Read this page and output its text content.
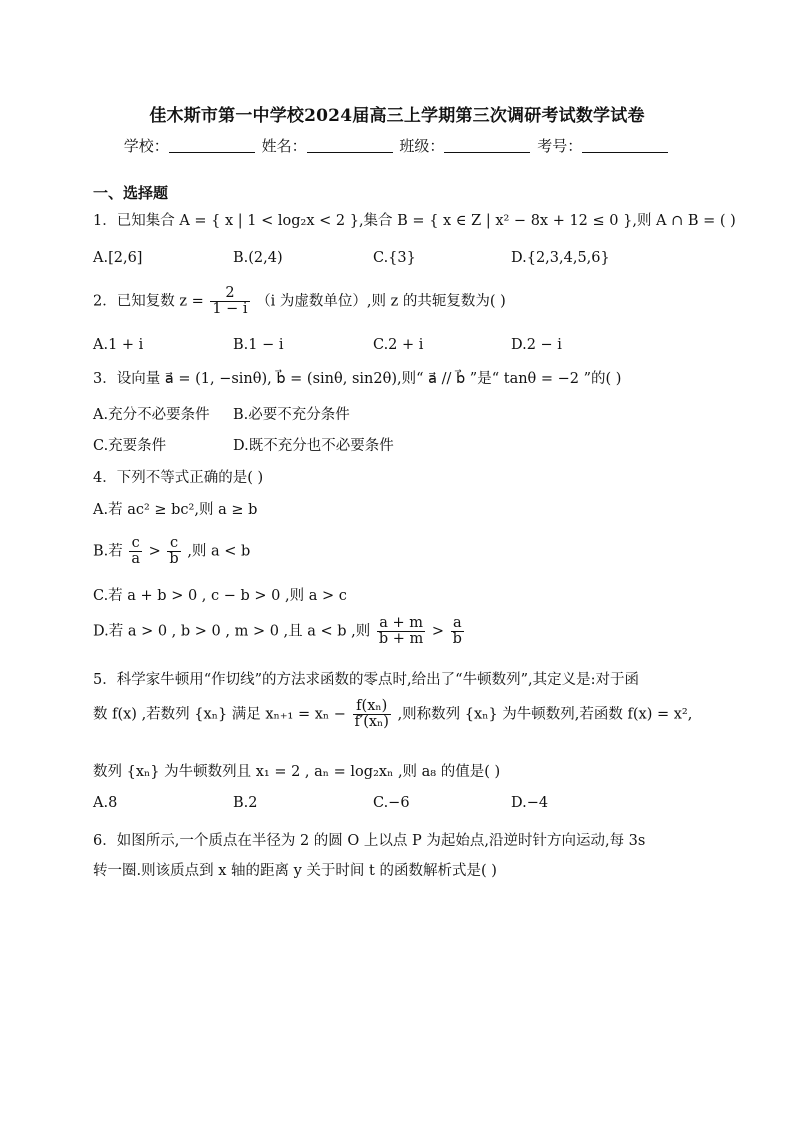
佳木斯市第一中学校2024届高三上学期第三次调研考试数学试卷
学校：	姓名：	班级：	考号：
一、选择题
1．已知集合 A = { x | 1 < log₂x < 2 },集合 B = { x ∈ Z | x² − 8x + 12 ≤ 0 },则 A ∩ B = ( )
A.[2,6]	B.(2,4)	C.{3}	D.{2,3,4,5,6}
2．已知复数 $z = \frac{2}{1 - i} (i$ 为虚数单位）,则 z 的共轭复数为( )
A.1 + i	B.1 − i	C.2 + i	D.2 − i
3．设向量 a⃗ = (1, −sinθ), b⃗ = (sinθ, sin2θ),则“ a⃗ // b⃗ ”是“ tanθ = −2 ”的( )
A.充分不必要条件 B.必要不充分条件
C.充要条件	D.既不充分也不必要条件
4．下列不等式正确的是( )
A.若 ac² ≥ bc²,则 a ≥ b
B.若 $\frac{c}{a} > \frac{c}{b}$ ,则 a < b
C.若 a + b > 0 , c − b > 0 ,则 a > c
D.若 a > 0 , b > 0 , m > 0 ,且 a < b ,则 $\frac{a + m}{b + m} > \frac{a}{b}$
5．科学家牛顿用“作切线”的方法求函数的零点时,给出了“牛顿数列”,其定义是:对于函
数 f(x) ,若数列 {xₙ} 满足 $x_{n+1} = x_n - \frac{\text{f(xₙ)}}{\text{f′(xₙ)}}$ ,则称数列 {xₙ} 为牛顿数列,若函数 f(x) = x²,
数列 {xₙ} 为牛顿数列且 x₁ = 2 , aₙ = log₂xₙ ,则 a₈ 的值是( )
A.8	B.2	C.−6	D.−4
6．如图所示,一个质点在半径为 2 的圆 O 上以点 P 为起始点,沿逆时针方向运动,每 3s
转一圈.则该质点到 x 轴的距离 y 关于时间 t 的函数解析式是( )
